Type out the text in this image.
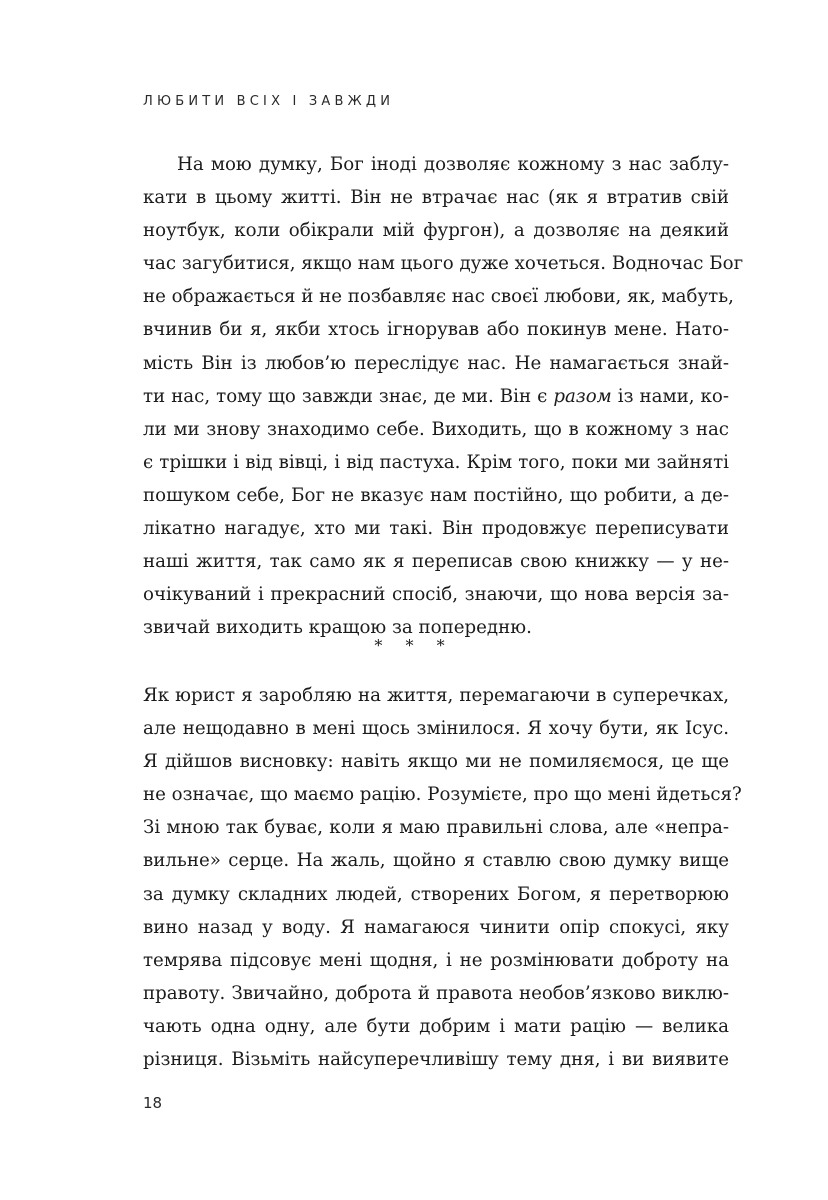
ЛЮБИТИ ВСІХ І ЗАВЖДИ
На мою думку, Бог іноді дозволяє кожному з нас заблу-
кати в цьому житті. Він не втрачає нас (як я втратив свій
ноутбук, коли обікрали мій фургон), а дозволяє на деякий
час загубитися, якщо нам цього дуже хочеться. Водночас Бог
не ображається й не позбавляє нас своєї любови, як, мабуть,
вчинив би я, якби хтось ігнорував або покинув мене. Нато-
мість Він із любов’ю переслідує нас. Не намагається знай-
ти нас, тому що завжди знає, де ми. Він є разом із нами, ко-
ли ми знову знаходимо себе. Виходить, що в кожному з нас
є трішки і від вівці, і від пастуха. Крім того, поки ми зайняті
пошуком себе, Бог не вказує нам постійно, що робити, а де-
лікатно нагадує, хто ми такі. Він продовжує переписувати
наші життя, так само як я переписав свою книжку — у не-
очікуваний і прекрасний спосіб, знаючи, що нова версія за-
звичай виходить кращою за попередню.
* * *
Як юрист я заробляю на життя, перемагаючи в суперечках,
але нещодавно в мені щось змінилося. Я хочу бути, як Ісус.
Я дійшов висновку: навіть якщо ми не помиляємося, це ще
не означає, що маємо рацію. Розумієте, про що мені йдеться?
Зі мною так буває, коли я маю правильні слова, але «непра-
вильне» серце. На жаль, щойно я ставлю свою думку вище
за думку складних людей, створених Богом, я перетворюю
вино назад у воду. Я намагаюся чинити опір спокусі, яку
темрява підсовує мені щодня, і не розмінювати доброту на
правоту. Звичайно, доброта й правота необов’язково виклю-
чають одна одну, але бути добрим і мати рацію — велика
різниця. Візьміть найсуперечливішу тему дня, і ви виявите
18
